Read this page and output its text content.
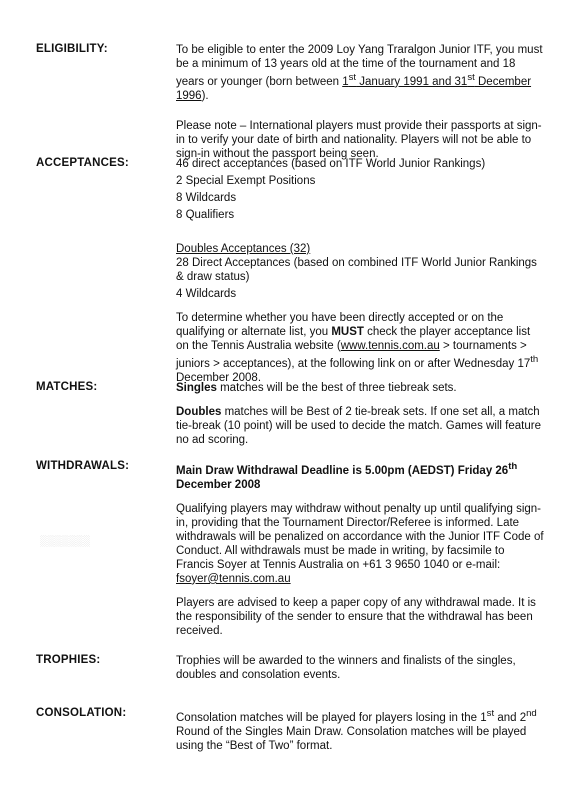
░░░░░░░
ELIGIBILITY:	To be eligible to enter the 2009 Loy Yang Traralgon Junior ITF, you must be a minimum of 13 years old at the time of the tournament and 18 years or younger (born between 1st January 1991 and 31st December 1996).

Please note – International players must provide their passports at sign-in to verify your date of birth and nationality. Players will not be able to sign-in without the passport being seen.

ACCEPTANCES:	46 direct acceptances (based on ITF World Junior Rankings)

2 Special Exempt Positions

8 Wildcards

8 Qualifiers

Doubles Acceptances (32)

28 Direct Acceptances (based on combined ITF World Junior Rankings & draw status)

4 Wildcards

To determine whether you have been directly accepted or on the qualifying or alternate list, you MUST check the player acceptance list on the Tennis Australia website (www.tennis.com.au > tournaments > juniors > acceptances), at the following link on or after Wednesday 17th December 2008.

MATCHES:	Singles matches will be the best of three tiebreak sets.

Doubles matches will be Best of 2 tie-break sets. If one set all, a match tie-break (10 point) will be used to decide the match. Games will feature no ad scoring.

WITHDRAWALS:	Main Draw Withdrawal Deadline is 5.00pm (AEDST) Friday 26th December 2008

Qualifying players may withdraw without penalty up until qualifying sign-in, providing that the Tournament Director/Referee is informed. Late withdrawals will be penalized on accordance with the Junior ITF Code of Conduct. All withdrawals must be made in writing, by facsimile to Francis Soyer at Tennis Australia on +61 3 9650 1040 or e-mail: fsoyer@tennis.com.au

Players are advised to keep a paper copy of any withdrawal made. It is the responsibility of the sender to ensure that the withdrawal has been received.

TROPHIES:	Trophies will be awarded to the winners and finalists of the singles, doubles and consolation events.

CONSOLATION:	Consolation matches will be played for players losing in the 1st and 2nd Round of the Singles Main Draw. Consolation matches will be played using the “Best of Two” format.
